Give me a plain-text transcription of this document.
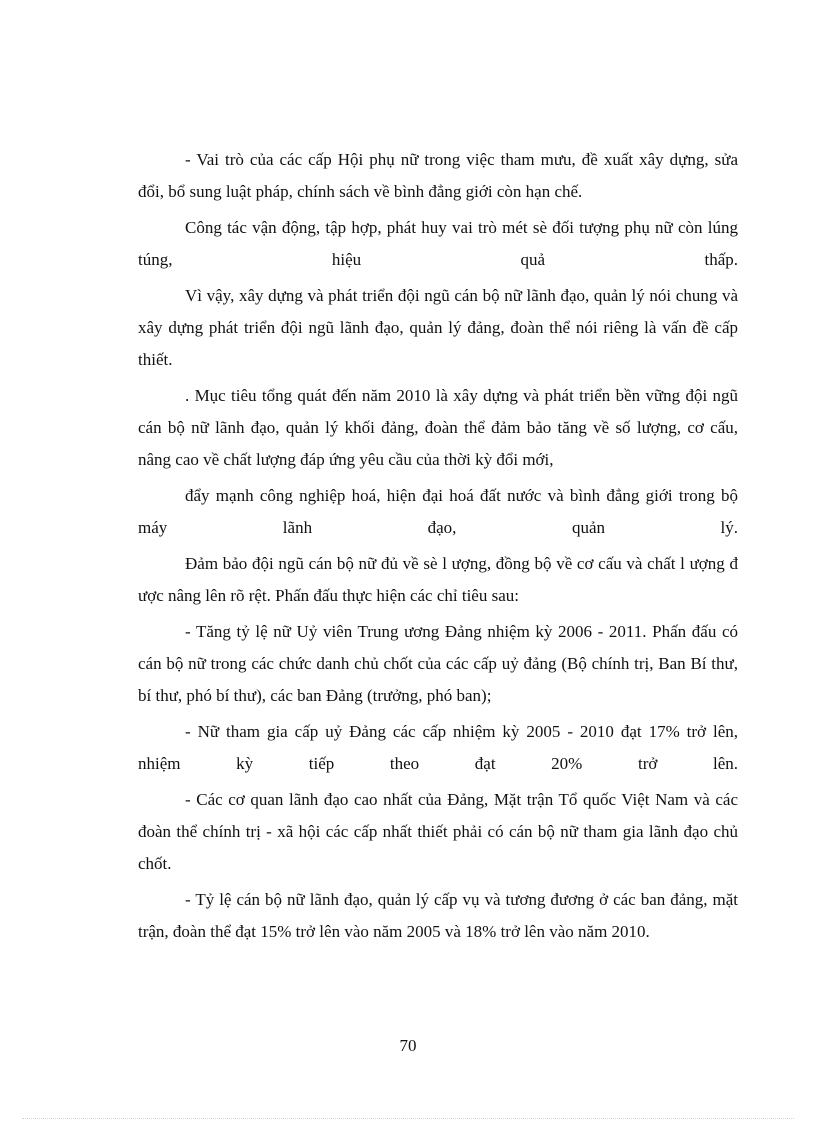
- Vai trò của các cấp Hội phụ nữ trong việc tham mưu, đề xuất xây dựng, sửa đổi, bổ sung luật pháp, chính sách về bình đẳng giới còn hạn chế.

Công tác vận động, tập hợp, phát huy vai trò mét sè đối tượng phụ nữ còn lúng túng, hiệu quả thấp.

Vì vậy, xây dựng và phát triển đội ngũ cán bộ nữ lãnh đạo, quản lý nói chung và xây dựng phát triển đội ngũ lãnh đạo, quản lý đảng, đoàn thể nói riêng là vấn đề cấp thiết.

. Mục tiêu tổng quát đến năm 2010 là xây dựng và phát triển bền vững đội ngũ cán bộ nữ lãnh đạo, quản lý khối đảng, đoàn thể đảm bảo tăng về số lượng, cơ cấu, nâng cao về chất lượng đáp ứng yêu cầu của thời kỳ đổi mới,

đẩy mạnh công nghiệp hoá, hiện đại hoá đất nước và bình đẳng giới trong bộ máy lãnh đạo, quản lý.

Đảm bảo đội ngũ cán bộ nữ đủ về sè l ượng, đồng bộ về cơ cấu và chất l ượng đ ược nâng lên rõ rệt. Phấn đấu thực hiện các chỉ tiêu sau:

- Tăng tỷ lệ nữ Uỷ viên Trung ương Đảng nhiệm kỳ 2006 - 2011. Phấn đấu có cán bộ nữ trong các chức danh chủ chốt của các cấp uỷ đảng (Bộ chính trị, Ban Bí thư, bí thư, phó bí thư), các ban Đảng (trưởng, phó ban);

- Nữ tham gia cấp uỷ Đảng các cấp nhiệm kỳ 2005 - 2010 đạt 17% trở lên, nhiệm kỳ tiếp theo đạt 20% trở lên.

- Các cơ quan lãnh đạo cao nhất của Đảng, Mặt trận Tổ quốc Việt Nam và các đoàn thể chính trị - xã hội các cấp nhất thiết phải có cán bộ nữ tham gia lãnh đạo chủ chốt.

- Tỷ lệ cán bộ nữ lãnh đạo, quản lý cấp vụ và tương đương ở các ban đảng, mặt trận, đoàn thể đạt 15% trở lên vào năm 2005 và 18% trở lên vào năm 2010.

70
